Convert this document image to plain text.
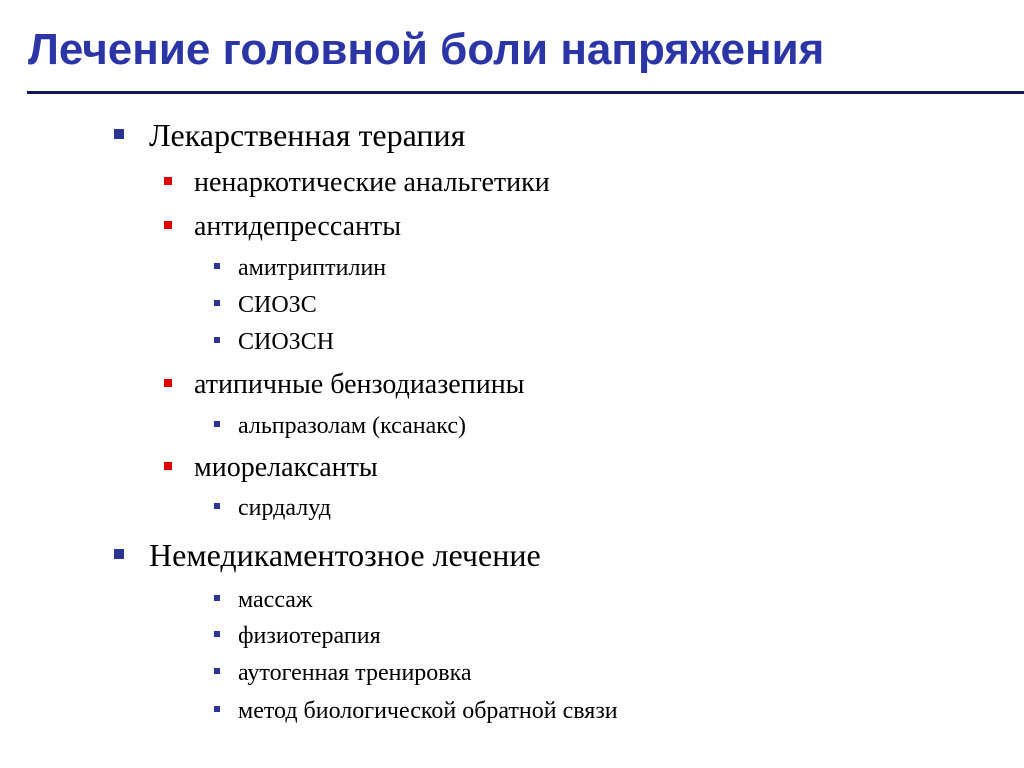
Лечение головной боли напряжения
Лекарственная терапия
ненаркотические анальгетики
антидепрессанты
амитриптилин
СИОЗС
СИОЗСН
атипичные бензодиазепины
альпразолам (ксанакс)
миорелаксанты
сирдалуд
Немедикаментозное лечение
массаж
физиотерапия
аутогенная тренировка
метод биологической обратной связи
